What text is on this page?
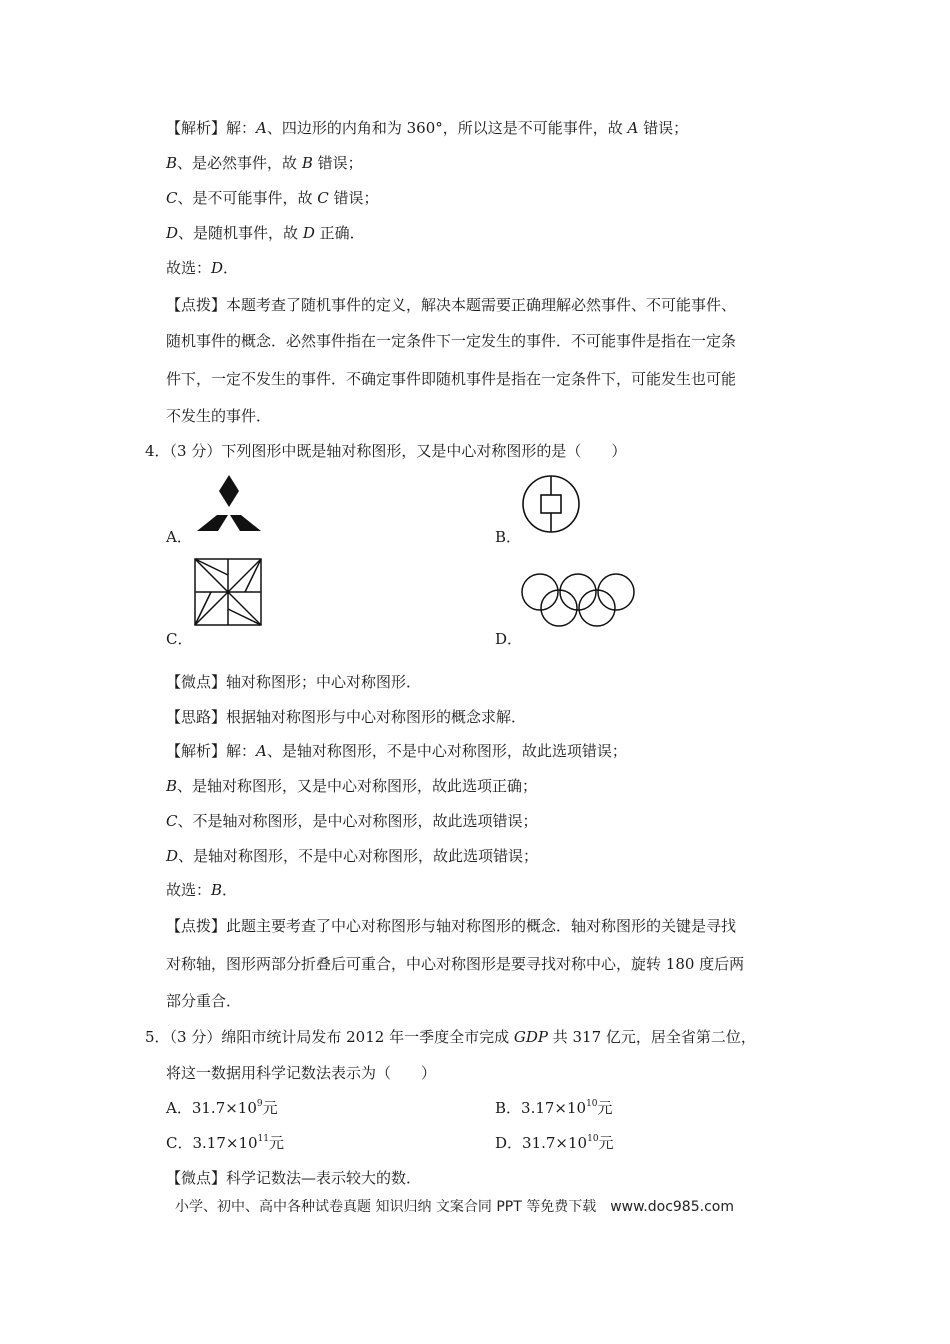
【解析】解：A、四边形的内角和为 360°，所以这是不可能事件，故 A 错误；
B、是必然事件，故 B 错误；
C、是不可能事件，故 C 错误；
D、是随机事件，故 D 正确．
故选：D．
【点拨】本题考查了随机事件的定义，解决本题需要正确理解必然事件、不可能事件、
随机事件的概念．必然事件指在一定条件下一定发生的事件．不可能事件是指在一定条
件下，一定不发生的事件．不确定事件即随机事件是指在一定条件下，可能发生也可能
不发生的事件．
4．（3 分）下列图形中既是轴对称图形，又是中心对称图形的是（　　）
A．	B．
C．	D．
【微点】轴对称图形；中心对称图形．
【思路】根据轴对称图形与中心对称图形的概念求解．
【解析】解：A、是轴对称图形，不是中心对称图形，故此选项错误；
B、是轴对称图形，又是中心对称图形，故此选项正确；
C、不是轴对称图形，是中心对称图形，故此选项错误；
D、是轴对称图形，不是中心对称图形，故此选项错误；
故选：B．
【点拨】此题主要考查了中心对称图形与轴对称图形的概念．轴对称图形的关键是寻找
对称轴，图形两部分折叠后可重合，中心对称图形是要寻找对称中心，旋转 180 度后两
部分重合．
5．（3 分）绵阳市统计局发布 2012 年一季度全市完成 GDP 共 317 亿元，居全省第二位，
将这一数据用科学记数法表示为（　　）
A．$31.7\times 10^9$元	B．$3.17\times 10^{10}$元
C．$3.17\times 10^{11}$元	D．$31.7\times 10^{10}$元
【微点】科学记数法—表示较大的数．
小学、初中、高中各种试卷真题 知识归纳 文案合同 PPT 等免费下载　www.doc985.com
